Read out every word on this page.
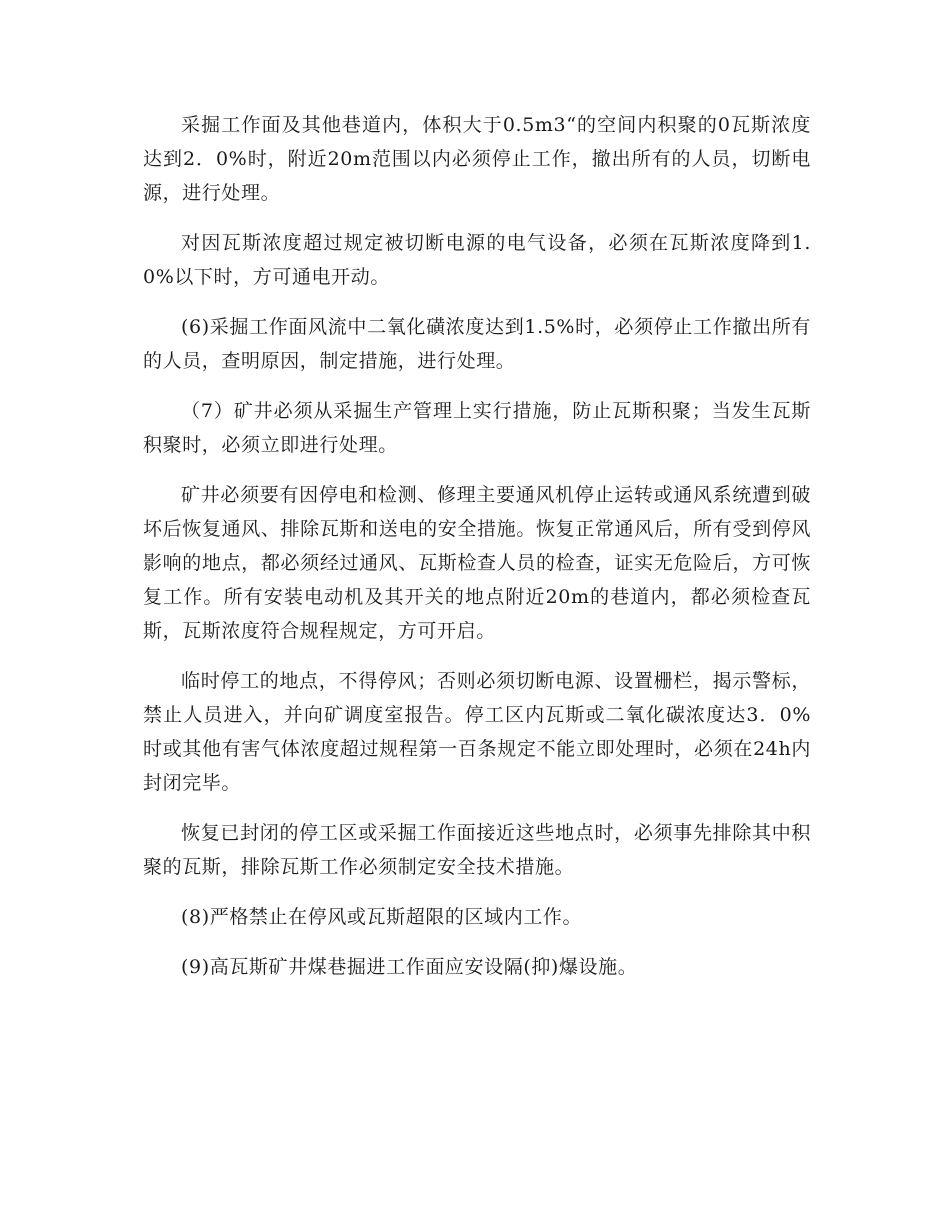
采掘工作面及其他巷道内，体积大于0.5m3“的空间内积聚的0瓦斯浓度达到2．0%时，附近20m范围以内必须停止工作，撤出所有的人员，切断电源，进行处理。

对因瓦斯浓度超过规定被切断电源的电气设备，必须在瓦斯浓度降到1.0%以下时，方可通电开动。

(6)采掘工作面风流中二氧化磺浓度达到1.5%时，必须停止工作撤出所有的人员，查明原因，制定措施，进行处理。

（7）矿井必须从采掘生产管理上实行措施，防止瓦斯积聚；当发生瓦斯积聚时，必须立即进行处理。

矿井必须要有因停电和检测、修理主要通风机停止运转或通风系统遭到破坏后恢复通风、排除瓦斯和送电的安全措施。恢复正常通风后，所有受到停风影响的地点，都必须经过通风、瓦斯检查人员的检查，证实无危险后，方可恢复工作。所有安装电动机及其开关的地点附近20m的巷道内，都必须检查瓦斯，瓦斯浓度符合规程规定，方可开启。

临时停工的地点，不得停风；否则必须切断电源、设置栅栏，揭示警标，禁止人员进入，并向矿调度室报告。停工区内瓦斯或二氧化碳浓度达3．0%时或其他有害气体浓度超过规程第一百条规定不能立即处理时，必须在24h内封闭完毕。

恢复已封闭的停工区或采掘工作面接近这些地点时，必须事先排除其中积聚的瓦斯，排除瓦斯工作必须制定安全技术措施。

(8)严格禁止在停风或瓦斯超限的区域内工作。

(9)高瓦斯矿井煤巷掘进工作面应安设隔(抑)爆设施。
